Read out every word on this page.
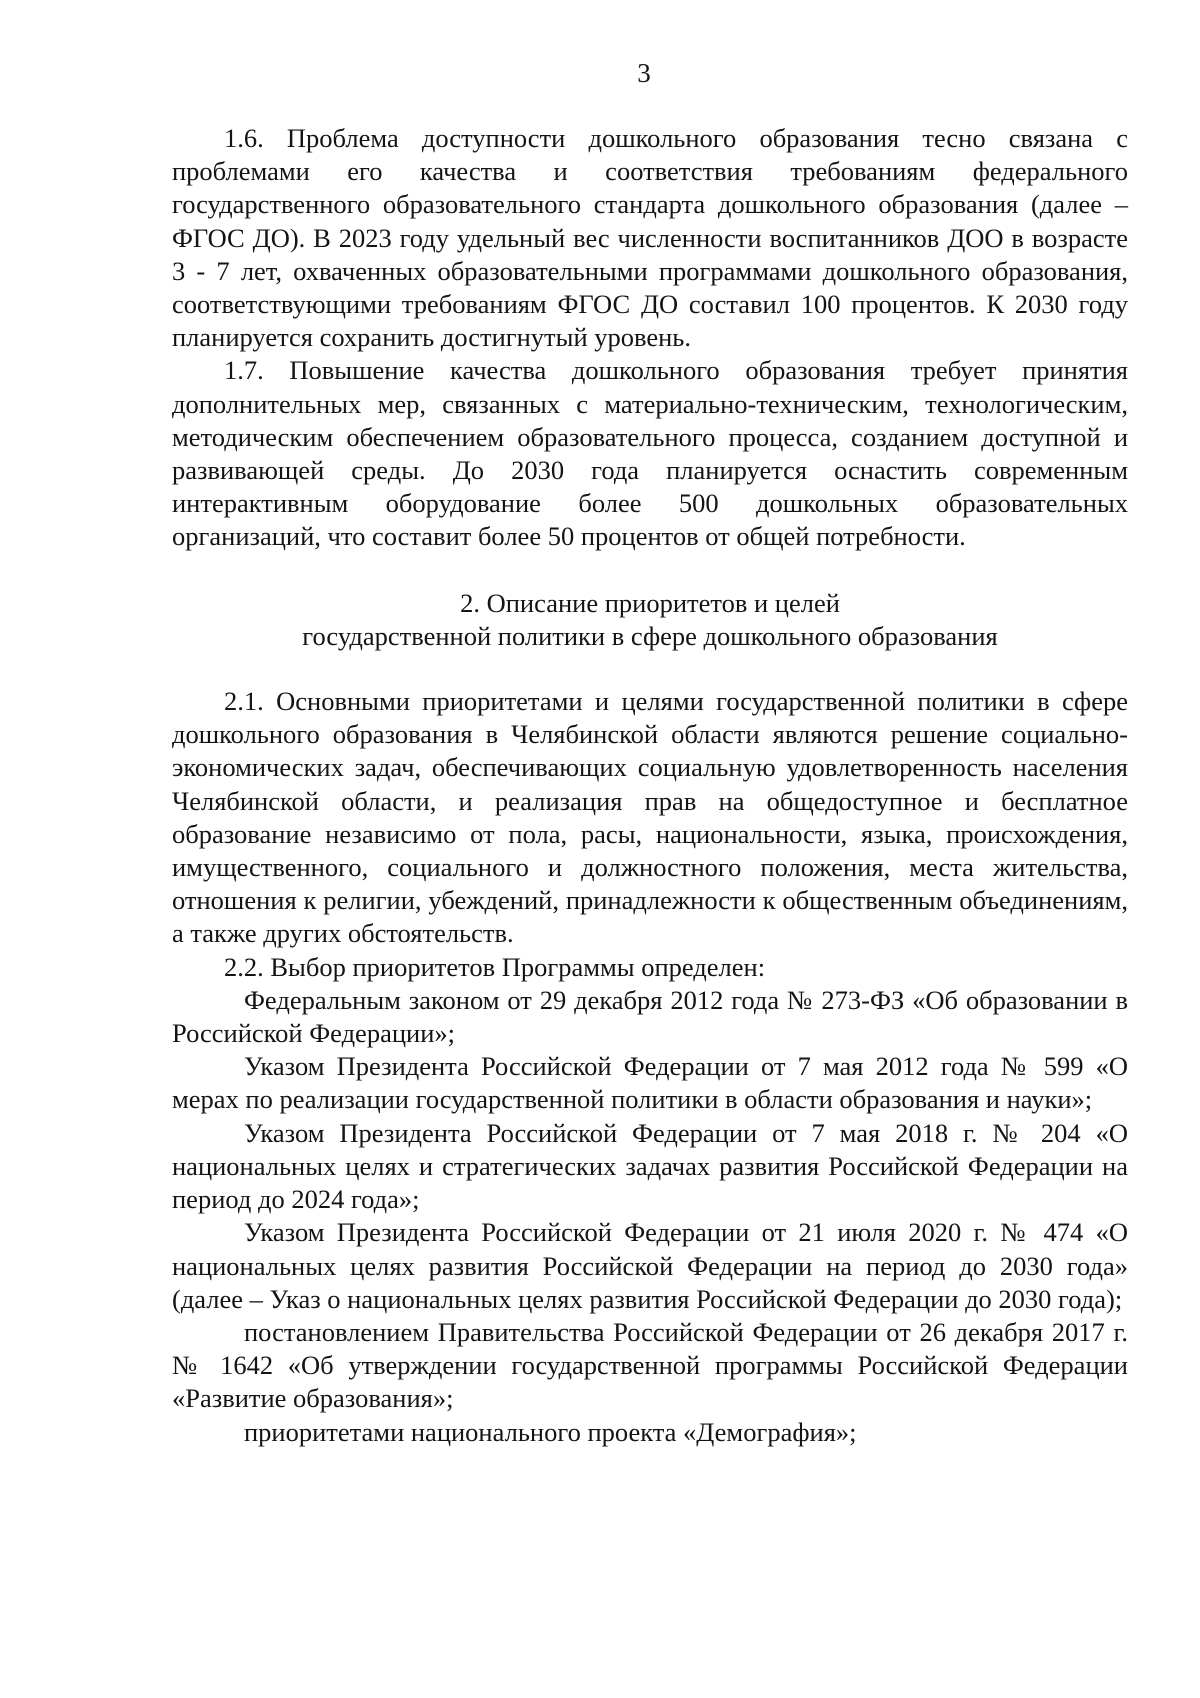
3

1.6. Проблема доступности дошкольного образования тесно связана с проблемами его качества и соответствия требованиям федерального государственного образовательного стандарта дошкольного образования (далее – ФГОС ДО). В 2023 году удельный вес численности воспитанников ДОО в возрасте 3 - 7 лет, охваченных образовательными программами дошкольного образования, соответствующими требованиям ФГОС ДО составил 100 процентов. К 2030 году планируется сохранить достигнутый уровень.

1.7. Повышение качества дошкольного образования требует принятия дополнительных мер, связанных с материально-техническим, технологическим, методическим обеспечением образовательного процесса, созданием доступной и развивающей среды. До 2030 года планируется оснастить современным интерактивным оборудование более 500 дошкольных образовательных организаций, что составит более 50 процентов от общей потребности.

2. Описание приоритетов и целей
государственной политики в сфере дошкольного образования

2.1. Основными приоритетами и целями государственной политики в сфере дошкольного образования в Челябинской области являются решение социально-экономических задач, обеспечивающих социальную удовлетворенность населения Челябинской области, и реализация прав на общедоступное и бесплатное образование независимо от пола, расы, национальности, языка, происхождения, имущественного, социального и должностного положения, места жительства, отношения к религии, убеждений, принадлежности к общественным объединениям, а также других обстоятельств.

2.2. Выбор приоритетов Программы определен:

Федеральным законом от 29 декабря 2012 года № 273-ФЗ «Об образовании в Российской Федерации»;

Указом Президента Российской Федерации от 7 мая 2012 года № 599 «О мерах по реализации государственной политики в области образования и науки»;

Указом Президента Российской Федерации от 7 мая 2018 г. № 204 «О национальных целях и стратегических задачах развития Российской Федерации на период до 2024 года»;

Указом Президента Российской Федерации от 21 июля 2020 г. № 474 «О национальных целях развития Российской Федерации на период до 2030 года» (далее – Указ о национальных целях развития Российской Федерации до 2030 года);

постановлением Правительства Российской Федерации от 26 декабря 2017 г. № 1642 «Об утверждении государственной программы Российской Федерации «Развитие образования»;

приоритетами национального проекта «Демография»;
